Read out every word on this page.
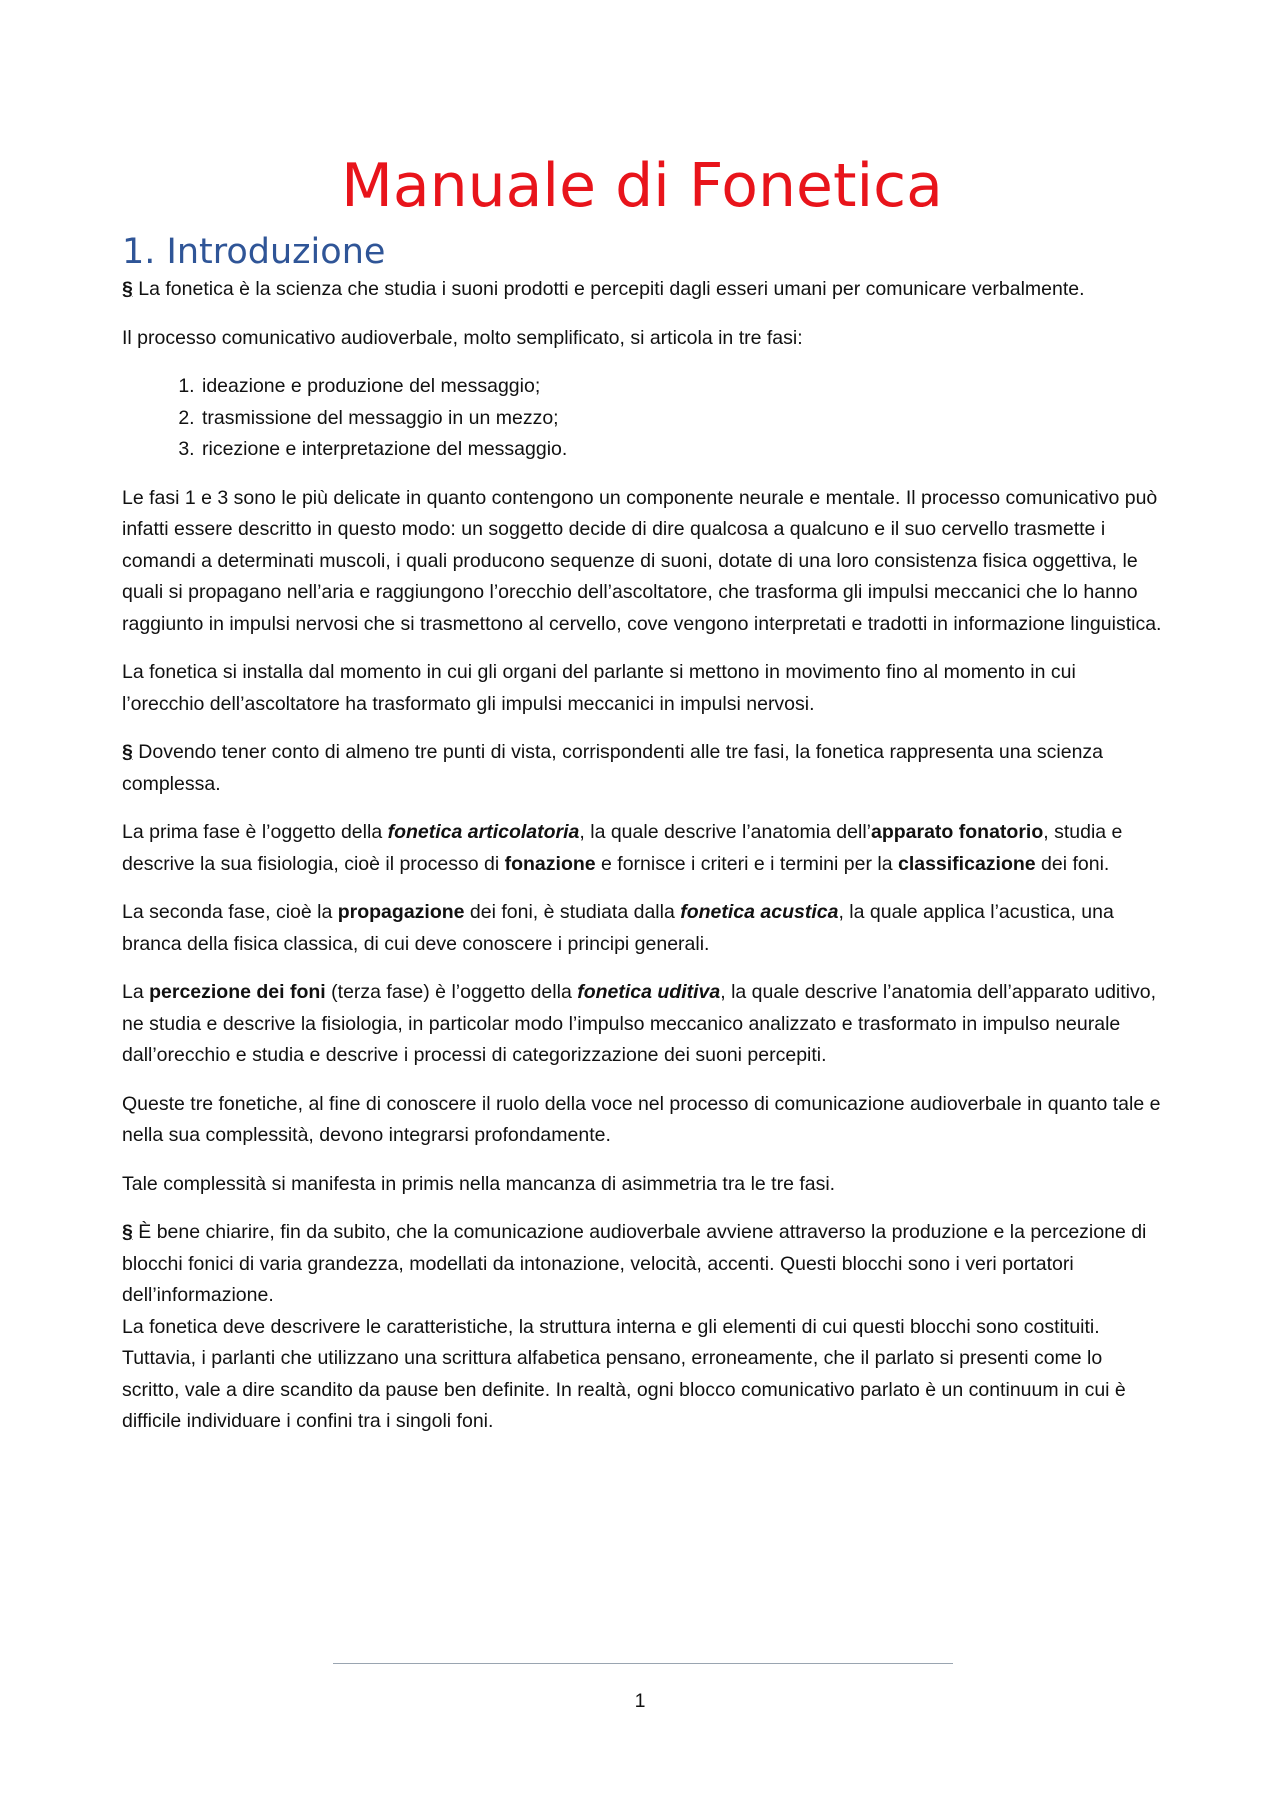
Manuale di Fonetica
1. Introduzione

§ La fonetica è la scienza che studia i suoni prodotti e percepiti dagli esseri umani per comunicare verbalmente.

Il processo comunicativo audioverbale, molto semplificato, si articola in tre fasi:

1. ideazione e produzione del messaggio;
2. trasmissione del messaggio in un mezzo;
3. ricezione e interpretazione del messaggio.

Le fasi 1 e 3 sono le più delicate in quanto contengono un componente neurale e mentale. Il processo comunicativo può infatti essere descritto in questo modo: un soggetto decide di dire qualcosa a qualcuno e il suo cervello trasmette i comandi a determinati muscoli, i quali producono sequenze di suoni, dotate di una loro consistenza fisica oggettiva, le quali si propagano nell’aria e raggiungono l’orecchio dell’ascoltatore, che trasforma gli impulsi meccanici che lo hanno raggiunto in impulsi nervosi che si trasmettono al cervello, cove vengono interpretati e tradotti in informazione linguistica.

La fonetica si installa dal momento in cui gli organi del parlante si mettono in movimento fino al momento in cui l’orecchio dell’ascoltatore ha trasformato gli impulsi meccanici in impulsi nervosi.

§ Dovendo tener conto di almeno tre punti di vista, corrispondenti alle tre fasi, la fonetica rappresenta una scienza complessa.

La prima fase è l’oggetto della fonetica articolatoria, la quale descrive l’anatomia dell’apparato fonatorio, studia e descrive la sua fisiologia, cioè il processo di fonazione e fornisce i criteri e i termini per la classificazione dei foni.

La seconda fase, cioè la propagazione dei foni, è studiata dalla fonetica acustica, la quale applica l’acustica, una branca della fisica classica, di cui deve conoscere i principi generali.

La percezione dei foni (terza fase) è l’oggetto della fonetica uditiva, la quale descrive l’anatomia dell’apparato uditivo, ne studia e descrive la fisiologia, in particolar modo l’impulso meccanico analizzato e trasformato in impulso neurale dall’orecchio e studia e descrive i processi di categorizzazione dei suoni percepiti.

Queste tre fonetiche, al fine di conoscere il ruolo della voce nel processo di comunicazione audioverbale in quanto tale e nella sua complessità, devono integrarsi profondamente.

Tale complessità si manifesta in primis nella mancanza di asimmetria tra le tre fasi.

§ È bene chiarire, fin da subito, che la comunicazione audioverbale avviene attraverso la produzione e la percezione di blocchi fonici di varia grandezza, modellati da intonazione, velocità, accenti. Questi blocchi sono i veri portatori dell’informazione.

La fonetica deve descrivere le caratteristiche, la struttura interna e gli elementi di cui questi blocchi sono costituiti.

Tuttavia, i parlanti che utilizzano una scrittura alfabetica pensano, erroneamente, che il parlato si presenti come lo scritto, vale a dire scandito da pause ben definite. In realtà, ogni blocco comunicativo parlato è un continuum in cui è difficile individuare i confini tra i singoli foni.

1
